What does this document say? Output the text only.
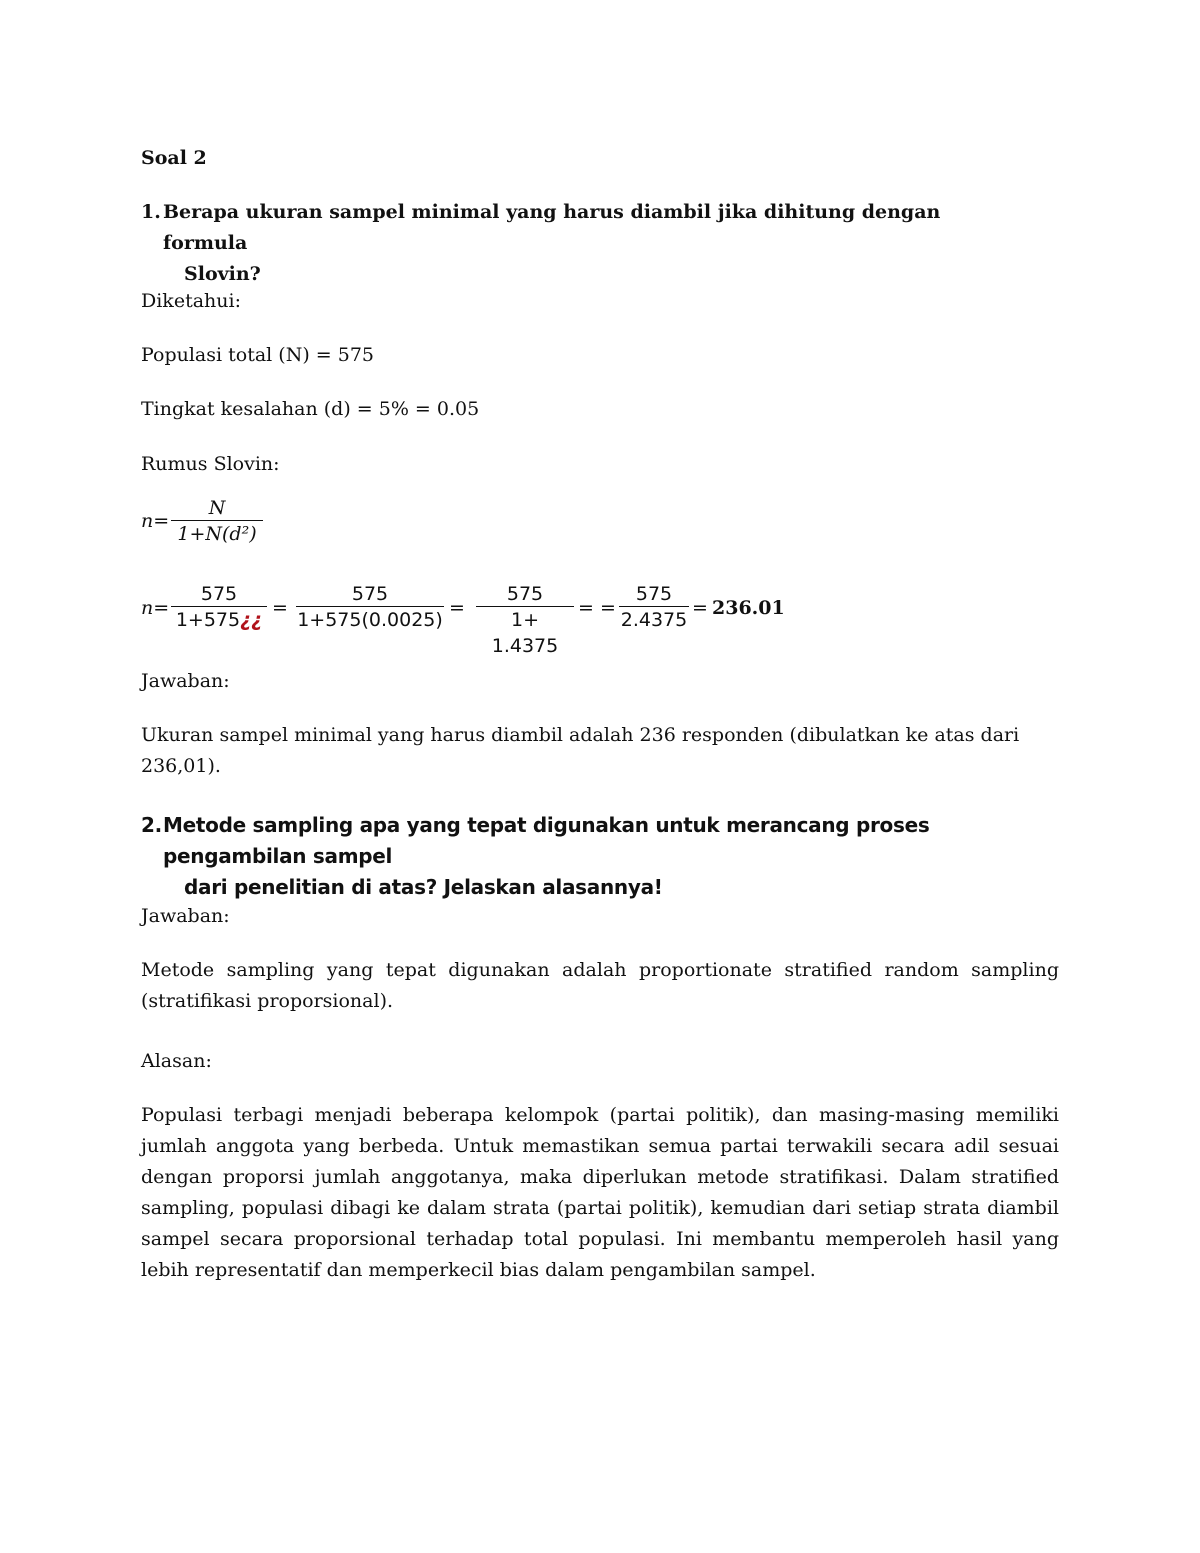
Soal 2
1. Berapa ukuran sampel minimal yang harus diambil jika dihitung dengan formula
Slovin?
Diketahui:
Populasi total (N) = 575
Tingkat kesalahan (d) = 5% = 0.05
Rumus Slovin:
n=
N
1+N(d²)
n=
575
1+575¿¿
=
575
1+575(0.0025)
=
575
1+ 1.4375
= =
575
2.4375
= 236.01
Jawaban:
Ukuran sampel minimal yang harus diambil adalah 236 responden (dibulatkan ke atas dari
236,01).
2. Metode sampling apa yang tepat digunakan untuk merancang proses pengambilan sampel
dari penelitian di atas? Jelaskan alasannya!
Jawaban:
Metode sampling yang tepat digunakan adalah proportionate stratified random sampling (stratifikasi proporsional).
Alasan:
Populasi terbagi menjadi beberapa kelompok (partai politik), dan masing-masing memiliki jumlah anggota yang berbeda. Untuk memastikan semua partai terwakili secara adil sesuai dengan proporsi jumlah anggotanya, maka diperlukan metode stratifikasi. Dalam stratified sampling, populasi dibagi ke dalam strata (partai politik), kemudian dari setiap strata diambil sampel secara proporsional terhadap total populasi. Ini membantu memperoleh hasil yang lebih representatif dan memperkecil bias dalam pengambilan sampel.
